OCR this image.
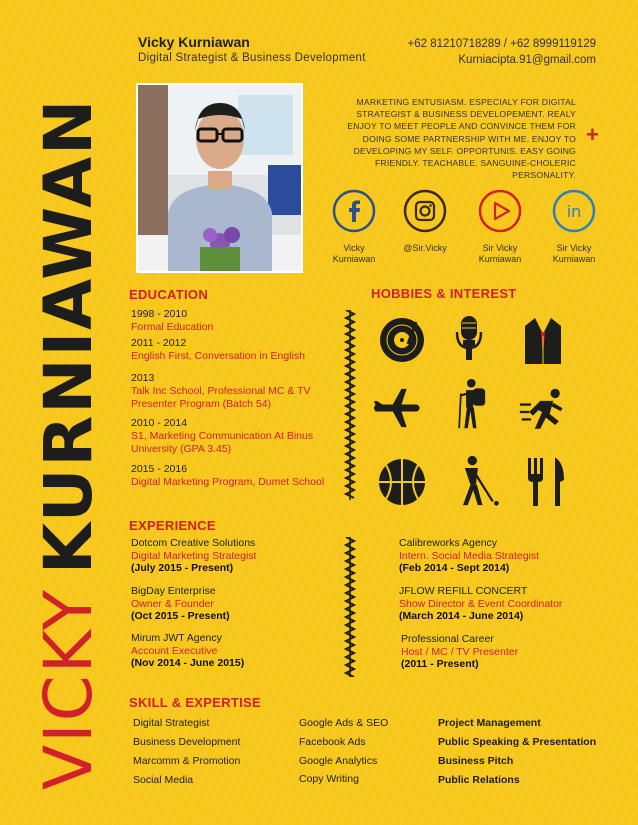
VICKYKURNIAWAN
Vicky Kurniawan
Digital Strategist & Business Development
+62 81210718289 / +62 8999119129
Kurniacipta.91@gmail.com
MARKETING ENTUSIASM. ESPECIALY FOR DIGITAL STRATEGIST & BUSINESS DEVELOPEMENT. REALY ENJOY TO MEET PEOPLE AND CONVINCE THEM FOR DOING SOME PARTNERSHIP WITH ME. ENJOY TO DEVELOPING MY SELF. OPPORTUNIS. EASY GOING FRIENDLY. TEACHABLE. SANGUINE-CHOLERIC PERSONALITY.
+
Vicky Kurniawan
@Sir.Vicky	Sir Vicky Kurniawan
in
Sir Vicky Kurniawan
EDUCATION	HOBBIES & INTEREST
EXPERIENCE
SKILL & EXPERTISE
1998 - 2010
Formal Education
2011 - 2012
English First, Conversation in English
2013
Talk Inc School, Professional MC & TV Presenter Program (Batch 54)
2010 - 2014
S1, Marketing Communication At Binus University (GPA 3.45)
2015 - 2016
Digital Marketing Program, Dumet School
Dotcom Creative Solutions
Digital Marketing Strategist
(July 2015 - Present)
BigDay Enterprise
Owner & Founder
(Oct 2015 - Present)
Mirum JWT Agency
Account Executive
(Nov 2014 - June 2015)
Calibreworks Agency
Intern. Social Media Strategist
(Feb 2014 - Sept 2014)
JFLOW REFILL CONCERT
Show Director & Event Coordinator
(March 2014 - June 2014)
Professional Career
Host / MC / TV Presenter
(2011 - Present)
Digital Strategist
Business Development
Marcomm & Promotion
Social Media
Google Ads & SEO
Facebook Ads
Google Analytics
Copy Writing
Project Management
Public Speaking & Presentation
Business Pitch
Public Relations
